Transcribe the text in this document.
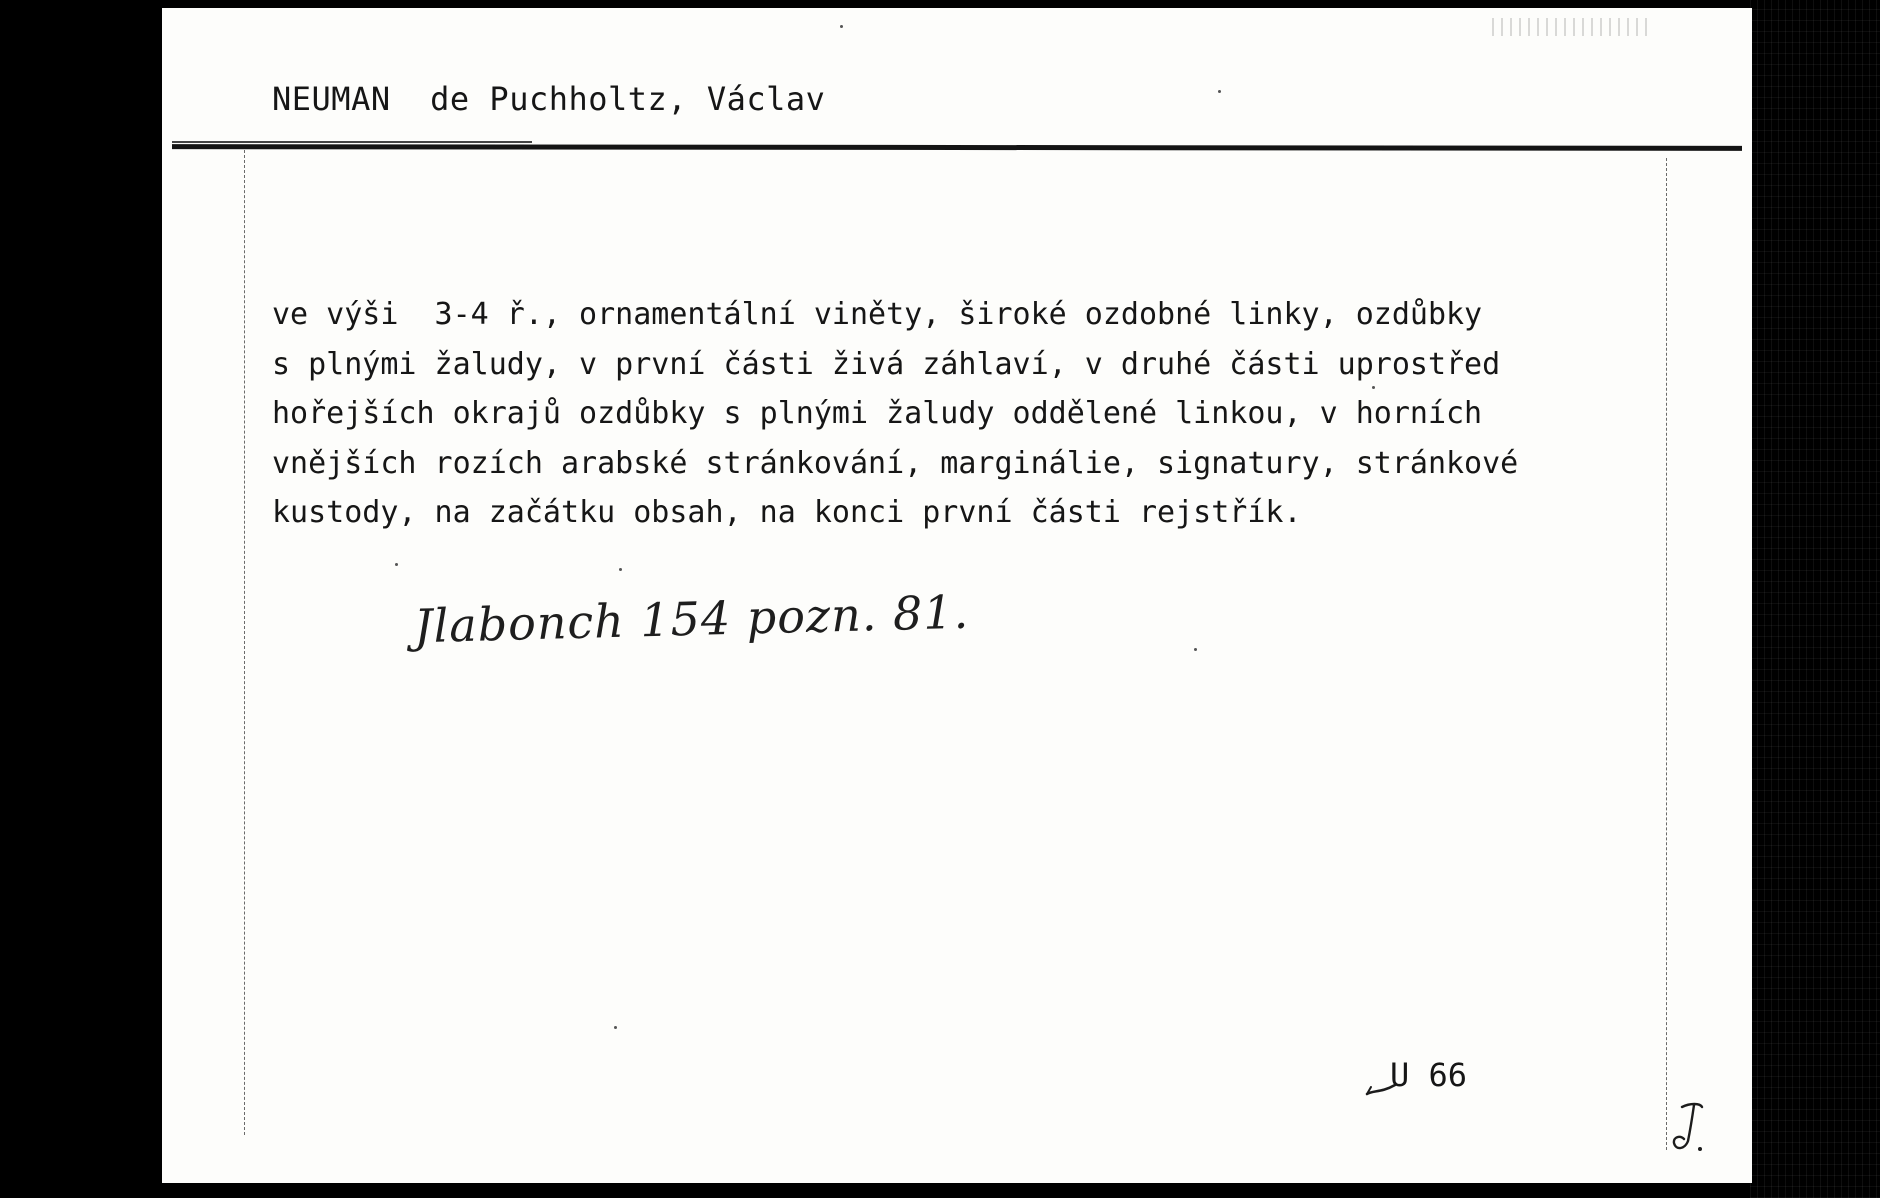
NEUMAN  de Puchholtz, Václav
ve výši  3-4 ř., ornamentální viněty, široké ozdobné linky, ozdůbky
s plnými žaludy, v první části živá záhlaví, v druhé části uprostřed
hořejších okrajů ozdůbky s plnými žaludy oddělené linkou, v horních
vnějších rozích arabské stránkování, marginálie, signatury, stránkové
kustody, na začátku obsah, na konci první části rejstřík.
Jlabonch 154 pozn. 81.
U 66
